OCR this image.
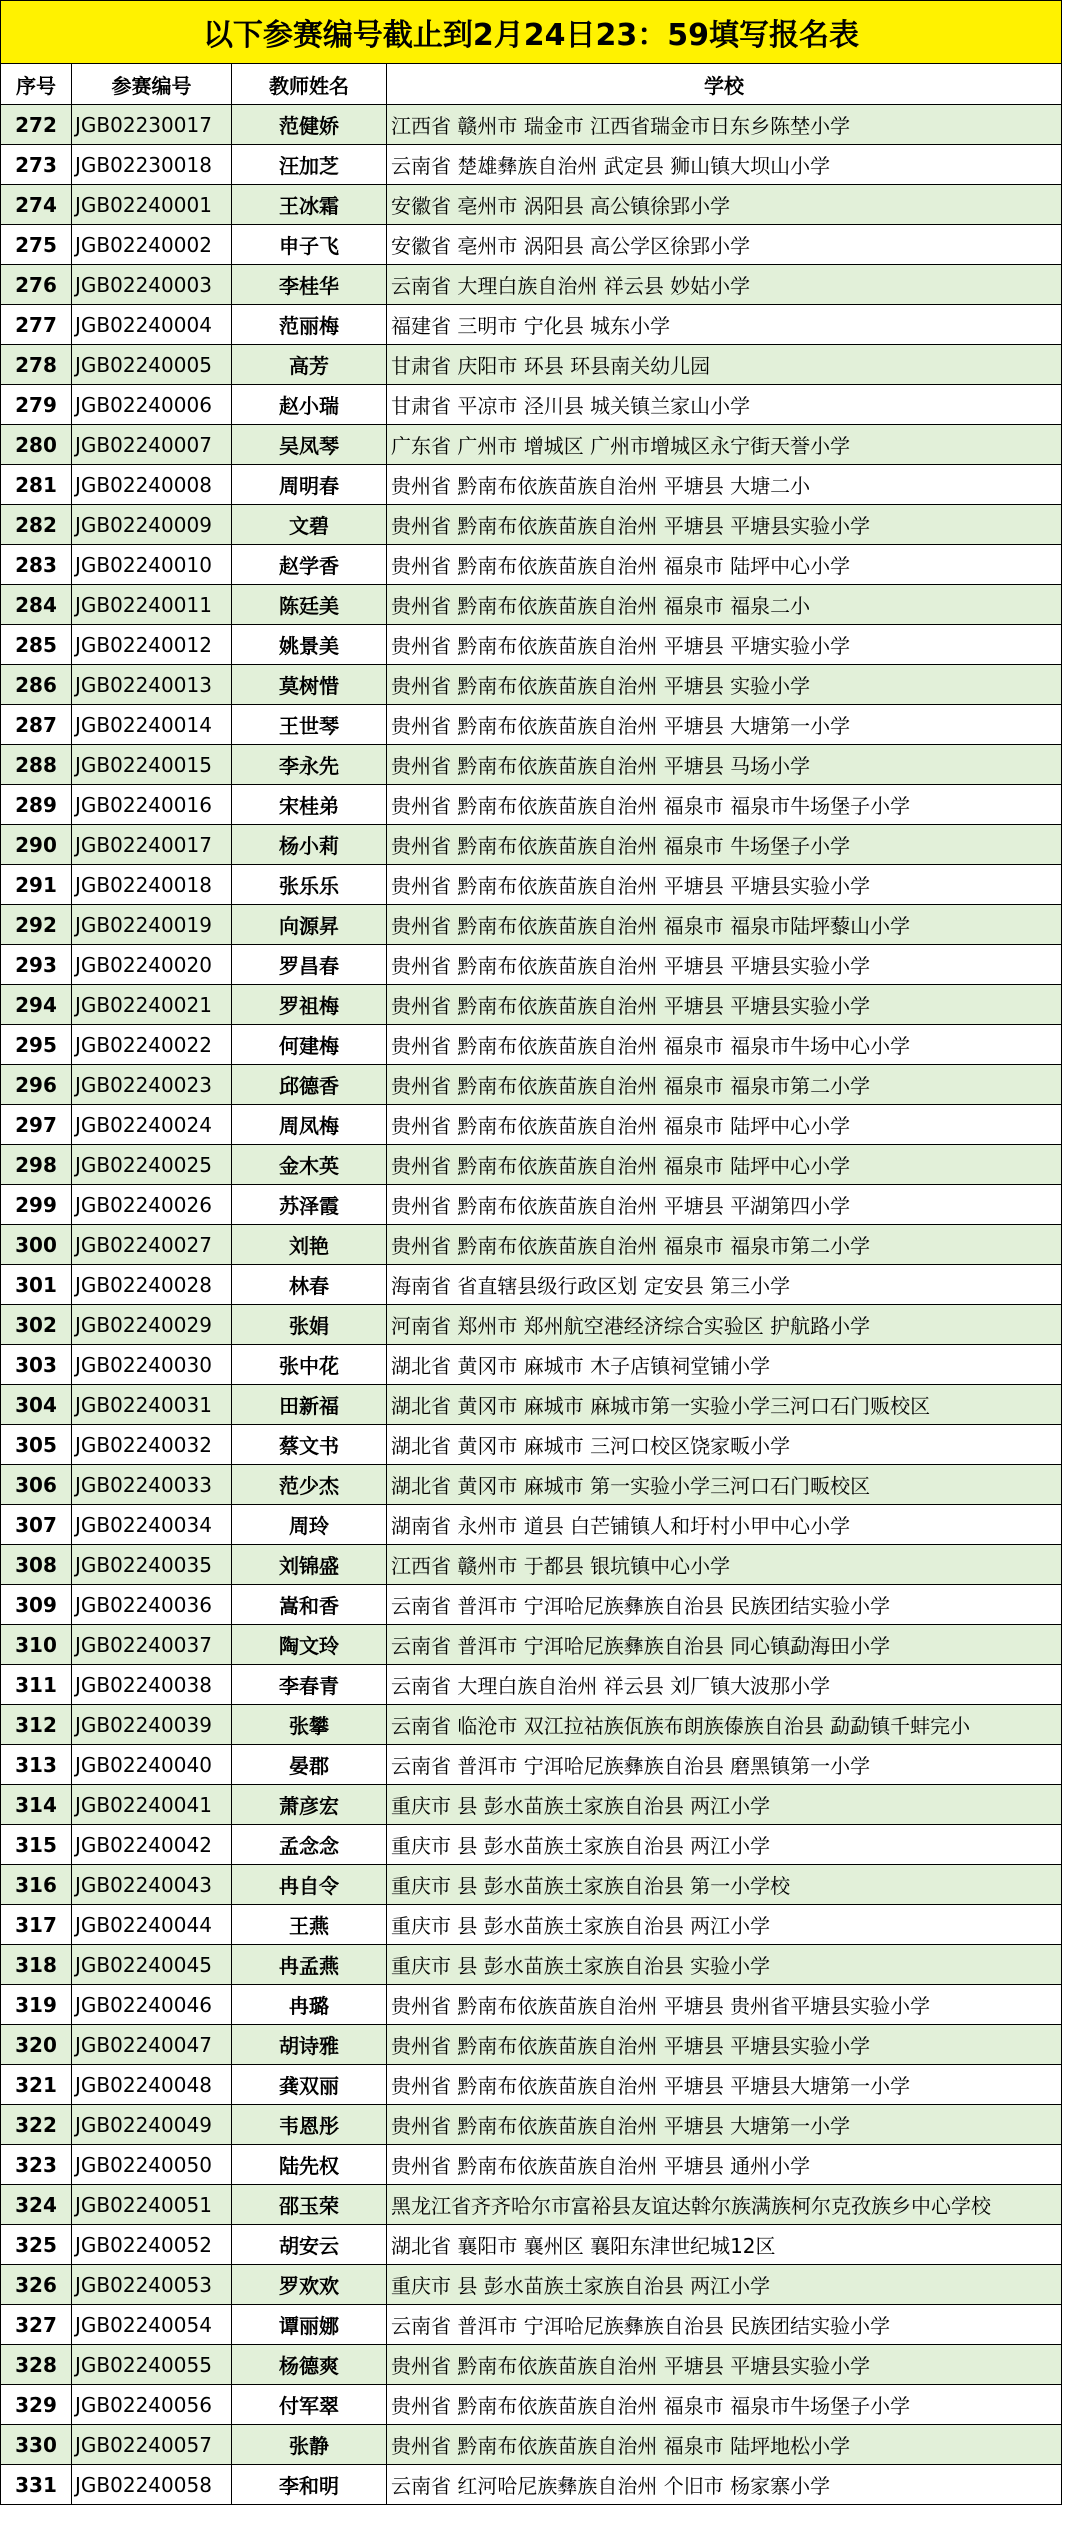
以下参赛编号截止到2月24日23：59填写报名表			
序号	参赛编号	教师姓名	学校
272	JGB02230017	范健娇	江西省 赣州市 瑞金市 江西省瑞金市日东乡陈埜小学
273	JGB02230018	汪加芝	云南省 楚雄彝族自治州 武定县 狮山镇大坝山小学
274	JGB02240001	王冰霜	安徽省 亳州市 涡阳县 高公镇徐郢小学
275	JGB02240002	申子飞	安徽省 亳州市 涡阳县 高公学区徐郢小学
276	JGB02240003	李桂华	云南省 大理白族自治州 祥云县 妙姑小学
277	JGB02240004	范丽梅	福建省 三明市 宁化县 城东小学
278	JGB02240005	高芳	甘肃省 庆阳市 环县 环县南关幼儿园
279	JGB02240006	赵小瑞	甘肃省 平凉市 泾川县 城关镇兰家山小学
280	JGB02240007	吴凤琴	广东省 广州市 增城区 广州市增城区永宁街天誉小学
281	JGB02240008	周明春	贵州省 黔南布依族苗族自治州 平塘县 大塘二小
282	JGB02240009	文碧	贵州省 黔南布依族苗族自治州 平塘县 平塘县实验小学
283	JGB02240010	赵学香	贵州省 黔南布依族苗族自治州 福泉市 陆坪中心小学
284	JGB02240011	陈廷美	贵州省 黔南布依族苗族自治州 福泉市 福泉二小
285	JGB02240012	姚景美	贵州省 黔南布依族苗族自治州 平塘县 平塘实验小学
286	JGB02240013	莫树惜	贵州省 黔南布依族苗族自治州 平塘县 实验小学
287	JGB02240014	王世琴	贵州省 黔南布依族苗族自治州 平塘县 大塘第一小学
288	JGB02240015	李永先	贵州省 黔南布依族苗族自治州 平塘县 马场小学
289	JGB02240016	宋桂弟	贵州省 黔南布依族苗族自治州 福泉市 福泉市牛场堡子小学
290	JGB02240017	杨小莉	贵州省 黔南布依族苗族自治州 福泉市 牛场堡子小学
291	JGB02240018	张乐乐	贵州省 黔南布依族苗族自治州 平塘县 平塘县实验小学
292	JGB02240019	向源昇	贵州省 黔南布依族苗族自治州 福泉市 福泉市陆坪藜山小学
293	JGB02240020	罗昌春	贵州省 黔南布依族苗族自治州 平塘县 平塘县实验小学
294	JGB02240021	罗祖梅	贵州省 黔南布依族苗族自治州 平塘县 平塘县实验小学
295	JGB02240022	何建梅	贵州省 黔南布依族苗族自治州 福泉市 福泉市牛场中心小学
296	JGB02240023	邱德香	贵州省 黔南布依族苗族自治州 福泉市 福泉市第二小学
297	JGB02240024	周凤梅	贵州省 黔南布依族苗族自治州 福泉市 陆坪中心小学
298	JGB02240025	金木英	贵州省 黔南布依族苗族自治州 福泉市 陆坪中心小学
299	JGB02240026	苏泽霞	贵州省 黔南布依族苗族自治州 平塘县 平湖第四小学
300	JGB02240027	刘艳	贵州省 黔南布依族苗族自治州 福泉市 福泉市第二小学
301	JGB02240028	林春	海南省 省直辖县级行政区划 定安县 第三小学
302	JGB02240029	张娟	河南省 郑州市 郑州航空港经济综合实验区 护航路小学
303	JGB02240030	张中花	湖北省 黄冈市 麻城市 木子店镇祠堂铺小学
304	JGB02240031	田新福	湖北省 黄冈市 麻城市 麻城市第一实验小学三河口石门贩校区
305	JGB02240032	蔡文书	湖北省 黄冈市 麻城市 三河口校区饶家畈小学
306	JGB02240033	范少杰	湖北省 黄冈市 麻城市 第一实验小学三河口石门畈校区
307	JGB02240034	周玲	湖南省 永州市 道县 白芒铺镇人和圩村小甲中心小学
308	JGB02240035	刘锦盛	江西省 赣州市 于都县 银坑镇中心小学
309	JGB02240036	嵩和香	云南省 普洱市 宁洱哈尼族彝族自治县 民族团结实验小学
310	JGB02240037	陶文玲	云南省 普洱市 宁洱哈尼族彝族自治县 同心镇勐海田小学
311	JGB02240038	李春青	云南省 大理白族自治州 祥云县 刘厂镇大波那小学
312	JGB02240039	张攀	云南省 临沧市 双江拉祜族佤族布朗族傣族自治县 勐勐镇千蚌完小
313	JGB02240040	晏郡	云南省 普洱市 宁洱哈尼族彝族自治县 磨黑镇第一小学
314	JGB02240041	萧彦宏	重庆市 县 彭水苗族土家族自治县 两江小学
315	JGB02240042	孟念念	重庆市 县 彭水苗族土家族自治县 两江小学
316	JGB02240043	冉自令	重庆市 县 彭水苗族土家族自治县 第一小学校
317	JGB02240044	王燕	重庆市 县 彭水苗族土家族自治县 两江小学
318	JGB02240045	冉孟燕	重庆市 县 彭水苗族土家族自治县 实验小学
319	JGB02240046	冉璐	贵州省 黔南布依族苗族自治州 平塘县 贵州省平塘县实验小学
320	JGB02240047	胡诗雅	贵州省 黔南布依族苗族自治州 平塘县 平塘县实验小学
321	JGB02240048	龚双丽	贵州省 黔南布依族苗族自治州 平塘县 平塘县大塘第一小学
322	JGB02240049	韦恩彤	贵州省 黔南布依族苗族自治州 平塘县 大塘第一小学
323	JGB02240050	陆先权	贵州省 黔南布依族苗族自治州 平塘县 通州小学
324	JGB02240051	邵玉荣	黑龙江省齐齐哈尔市富裕县友谊达斡尔族满族柯尔克孜族乡中心学校
325	JGB02240052	胡安云	湖北省 襄阳市 襄州区 襄阳东津世纪城12区
326	JGB02240053	罗欢欢	重庆市 县 彭水苗族土家族自治县 两江小学
327	JGB02240054	谭丽娜	云南省 普洱市 宁洱哈尼族彝族自治县 民族团结实验小学
328	JGB02240055	杨德爽	贵州省 黔南布依族苗族自治州 平塘县 平塘县实验小学
329	JGB02240056	付军翠	贵州省 黔南布依族苗族自治州 福泉市 福泉市牛场堡子小学
330	JGB02240057	张静	贵州省 黔南布依族苗族自治州 福泉市 陆坪地松小学
331	JGB02240058	李和明	云南省 红河哈尼族彝族自治州 个旧市 杨家寨小学
